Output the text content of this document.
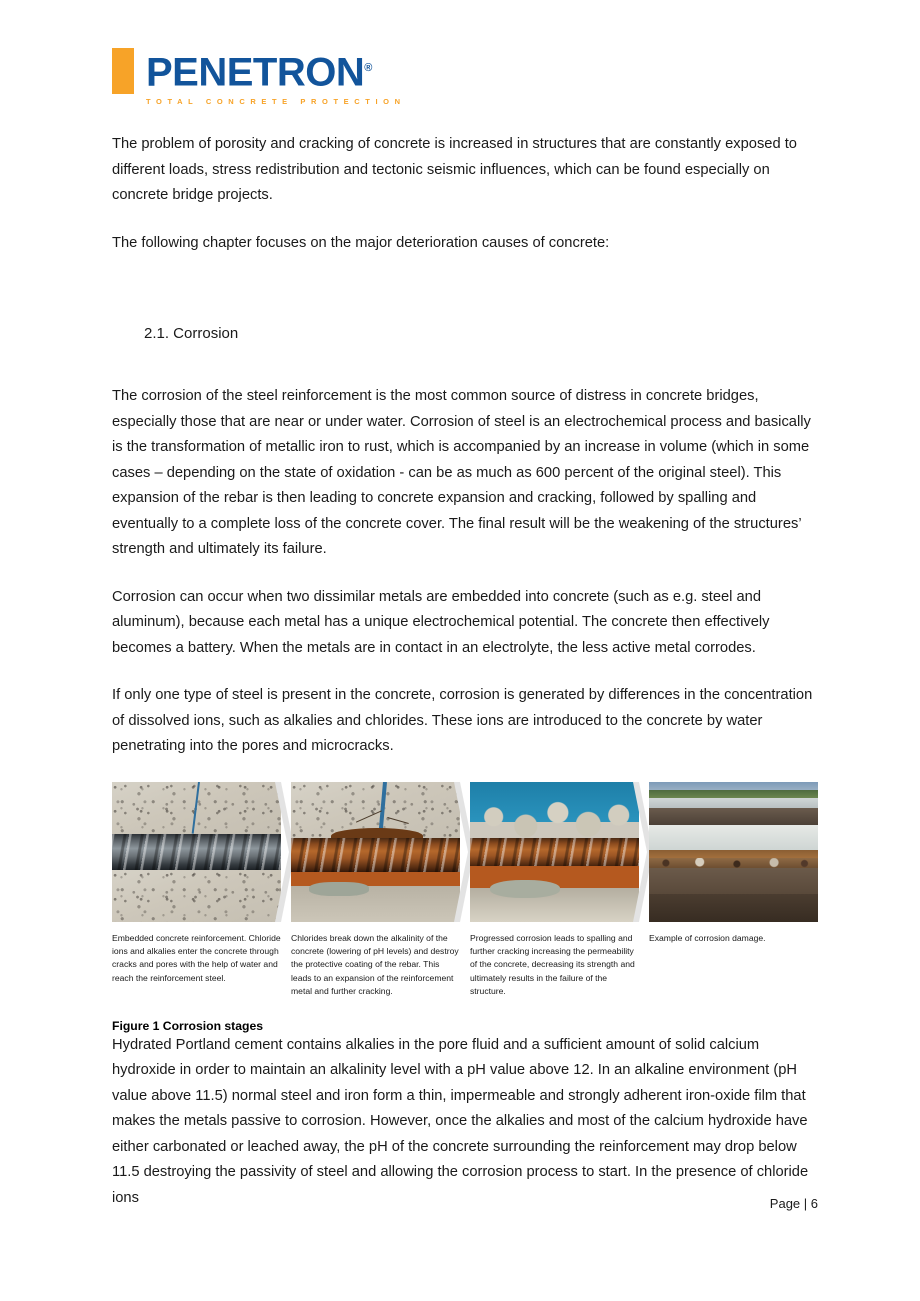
PENETRON®
TOTAL CONCRETE PROTECTION

The problem of porosity and cracking of concrete is increased in structures that are constantly exposed to different loads, stress redistribution and tectonic seismic influences, which can be found especially on concrete bridge projects.

The following chapter focuses on the major deterioration causes of concrete:

2.1. Corrosion

The corrosion of the steel reinforcement is the most common source of distress in concrete bridges, especially those that are near or under water. Corrosion of steel is an electrochemical process and basically is the transformation of metallic iron to rust, which is accompanied by an increase in volume (which in some cases – depending on the state of oxidation - can be as much as 600 percent of the original steel). This expansion of the rebar is then leading to concrete expansion and cracking, followed by spalling and eventually to a complete loss of the concrete cover. The final result will be the weakening of the structures’ strength and ultimately its failure.

Corrosion can occur when two dissimilar metals are embedded into concrete (such as e.g. steel and aluminum), because each metal has a unique electrochemical potential. The concrete then effectively becomes a battery. When the metals are in contact in an electrolyte, the less active metal corrodes.

If only one type of steel is present in the concrete, corrosion is generated by differences in the concentration of dissolved ions, such as alkalies and chlorides. These ions are introduced to the concrete by water penetrating into the pores and microcracks.

Embedded concrete reinforcement. Chloride ions and alkalies enter the concrete through cracks and pores with the help of water and reach the reinforcement steel.
Chlorides break down the alkalinity of the concrete (lowering of pH levels) and destroy the protective coating of the rebar. This leads to an expansion of the reinforcement metal and further cracking.
Progressed corrosion leads to spalling and further cracking increasing the permeability of the concrete, decreasing its strength and ultimately results in the failure of the structure.
Example of corrosion damage.
Figure 1 Corrosion stages

Hydrated Portland cement contains alkalies in the pore fluid and a sufficient amount of solid calcium hydroxide in order to maintain an alkalinity level with a pH value above 12. In an alkaline environment (pH value above 11.5) normal steel and iron form a thin, impermeable and strongly adherent iron-oxide film that makes the metals passive to corrosion. However, once the alkalies and most of the calcium hydroxide have either carbonated or leached away, the pH of the concrete surrounding the reinforcement may drop below 11.5 destroying the passivity of steel and allowing the corrosion process to start. In the presence of chloride ions	Page | 6
